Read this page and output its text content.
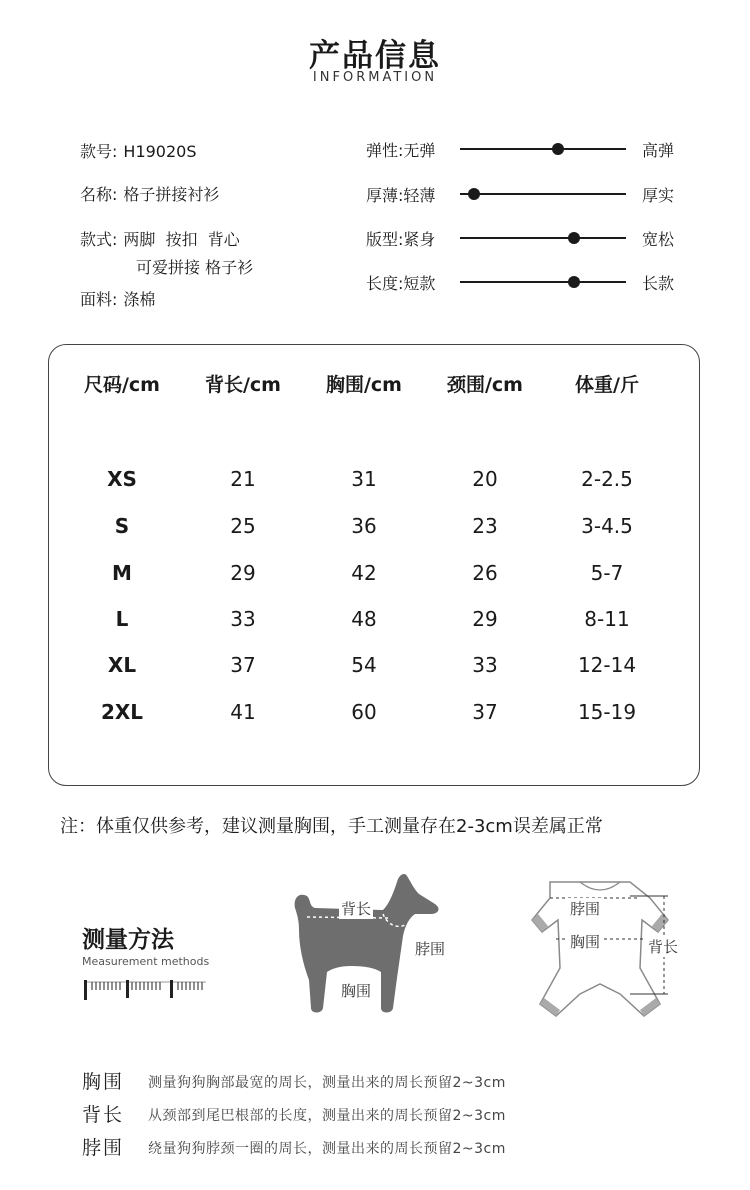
产品信息
INFORMATION
款号: H19020S
名称: 格子拼接衬衫
款式: 两脚  按扣  背心
可爱拼接 格子衫
面料: 涤棉
弹性:无弹	高弹
厚薄:轻薄	厚实
版型:紧身	宽松
长度:短款	长款
尺码/cm	背长/cm	胸围/cm	颈围/cm	体重/斤
XS	21	31	20	2-2.5
S	25	36	23	3-4.5
M	29	42	26	5-7
L	33	48	29	8-11
XL	37	54	33	12-14
2XL	41	60	37	15-19
注：体重仅供参考，建议测量胸围，手工测量存在2-3cm误差属正常
测量方法
Measurement methods
背长
脖围
胸围
脖围
胸围	背长
胸围 测量狗狗胸部最宽的周长，测量出来的周长预留2~3cm
背长 从颈部到尾巴根部的长度，测量出来的周长预留2~3cm
脖围 绕量狗狗脖颈一圈的周长，测量出来的周长预留2~3cm
